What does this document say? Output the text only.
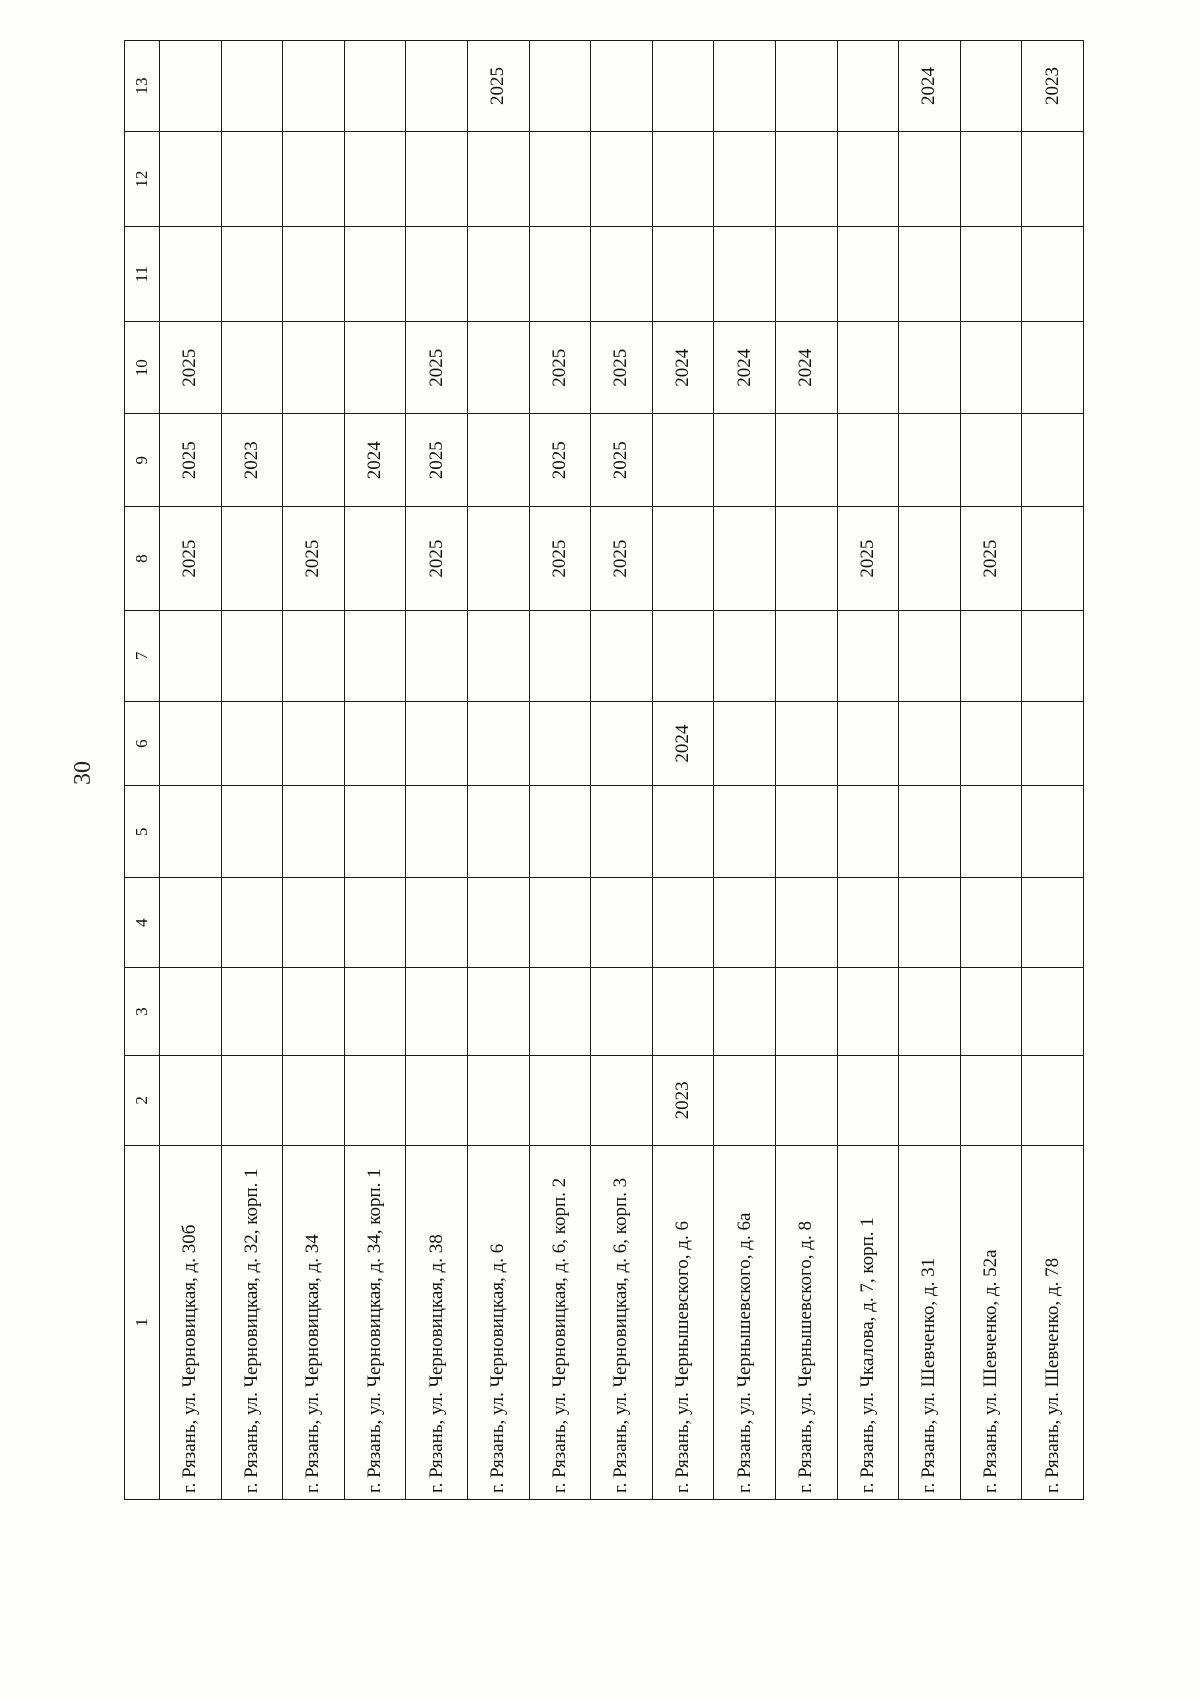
30
1	2	3	4	5	6	7	8	9	10	11	12	13
г. Рязань, ул. Черновицкая, д. 30б							2025	2025	2025			
г. Рязань, ул. Черновицкая, д. 32, корп. 1								2023				
г. Рязань, ул. Черновицкая, д. 34							2025					
г. Рязань, ул. Черновицкая, д. 34, корп. 1								2024				
г. Рязань, ул. Черновицкая, д. 38							2025	2025	2025			
г. Рязань, ул. Черновицкая, д. 6												2025
г. Рязань, ул. Черновицкая, д. 6, корп. 2							2025	2025	2025			
г. Рязань, ул. Черновицкая, д. 6, корп. 3							2025	2025	2025			
г. Рязань, ул. Чернышевского, д. 6	2023				2024				2024			
г. Рязань, ул. Чернышевского, д. 6а									2024			
г. Рязань, ул. Чернышевского, д. 8									2024			
г. Рязань, ул. Чкалова, д. 7, корп. 1							2025					
г. Рязань, ул. Шевченко, д. 31												2024
г. Рязань, ул. Шевченко, д. 52а							2025					
г. Рязань, ул. Шевченко, д. 78												2023
